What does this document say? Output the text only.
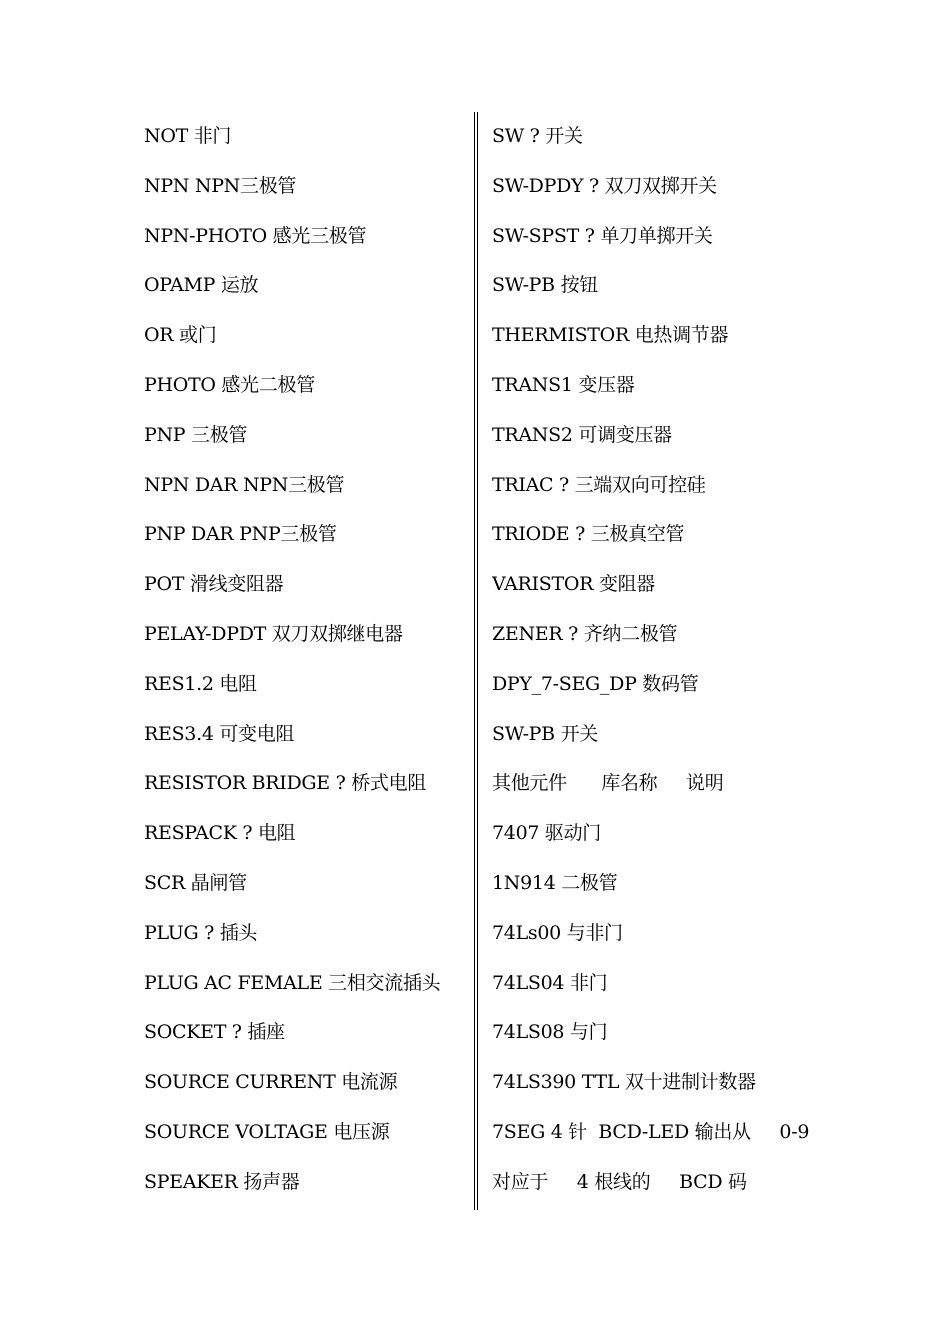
NOT 非门
NPN NPN三极管
NPN-PHOTO 感光三极管
OPAMP 运放
OR 或门
PHOTO 感光二极管
PNP 三极管
NPN DAR NPN三极管
PNP DAR PNP三极管
POT 滑线变阻器
PELAY-DPDT 双刀双掷继电器
RES1.2 电阻
RES3.4 可变电阻
RESISTOR BRIDGE ? 桥式电阻
RESPACK ? 电阻
SCR 晶闸管
PLUG ? 插头
PLUG AC FEMALE 三相交流插头
SOCKET ? 插座
SOURCE CURRENT 电流源
SOURCE VOLTAGE 电压源
SPEAKER 扬声器
SW ? 开关
SW-DPDY ? 双刀双掷开关
SW-SPST ? 单刀单掷开关
SW-PB 按钮
THERMISTOR 电热调节器
TRANS1 变压器
TRANS2 可调变压器
TRIAC ? 三端双向可控硅
TRIODE ? 三极真空管
VARISTOR 变阻器
ZENER ? 齐纳二极管
DPY_7-SEG_DP 数码管
SW-PB 开关
其他元件      库名称     说明
7407 驱动门
1N914 二极管
74Ls00 与非门
74LS04 非门
74LS08 与门
74LS390 TTL 双十进制计数器
7SEG 4 针  BCD-LED 输出从     0-9
对应于     4 根线的     BCD 码
